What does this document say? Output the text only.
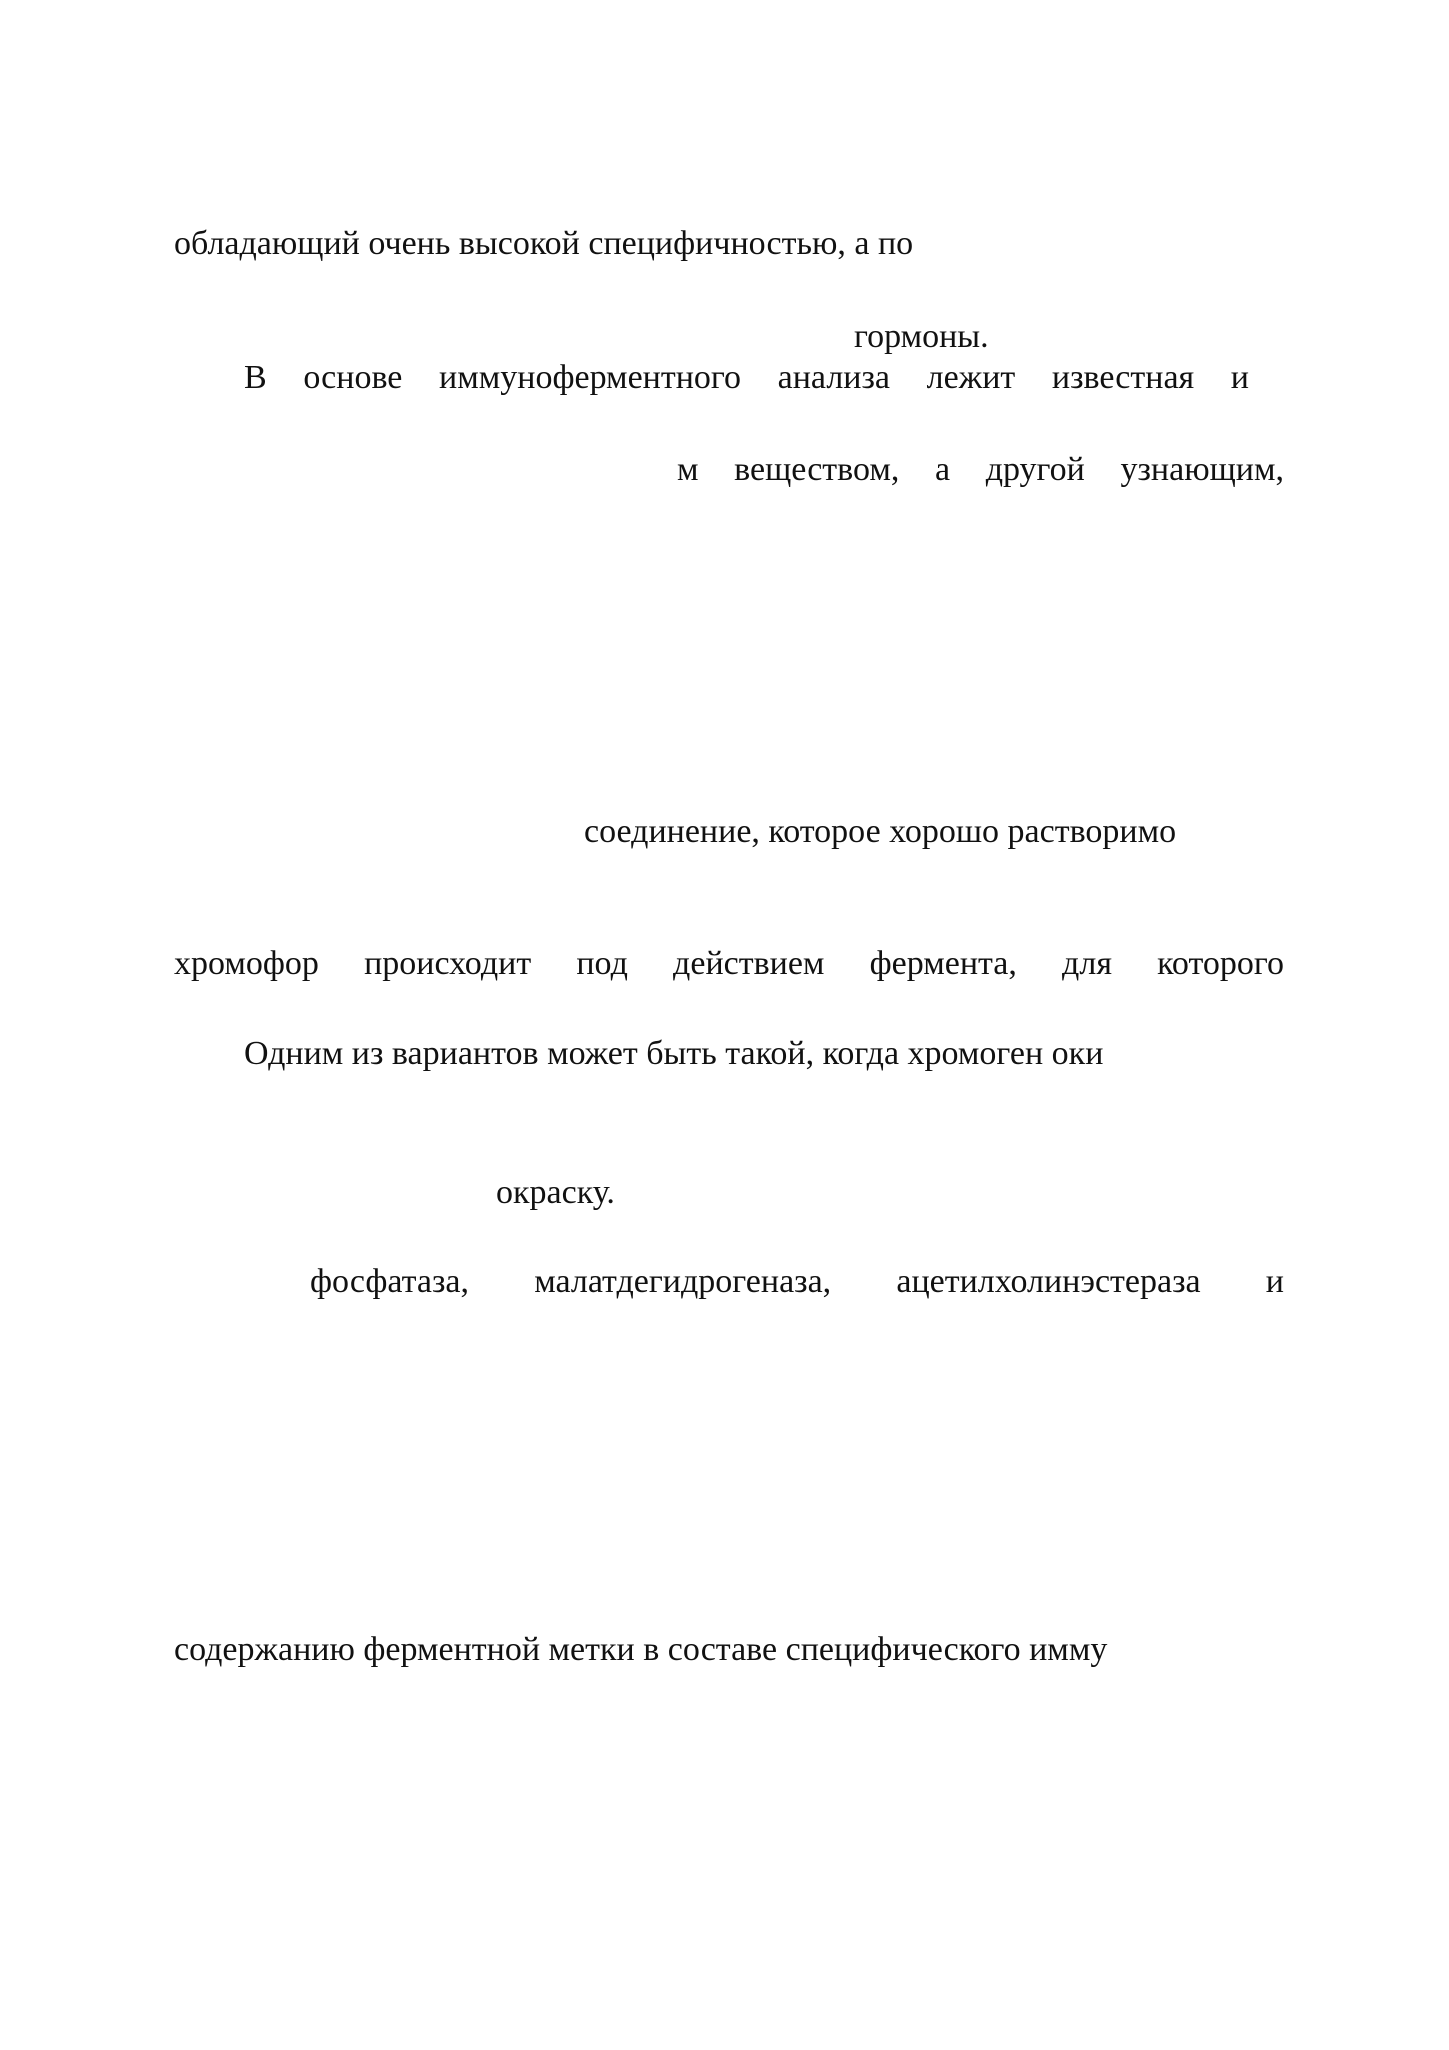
обладающий очень высокой специфичностью, а по

гормоны.

В основе иммуноферментного анализа лежит известная и

м веществом, а другой узнающим,

соединение, которое хорошо растворимо

хромофор происходит под действием фермента, для которого

Одним из вариантов может быть такой, когда хромоген оки

окраску.

фосфатаза, малатдегидрогеназа, ацетилхолинэстераза и

содержанию ферментной метки в составе специфического имму
